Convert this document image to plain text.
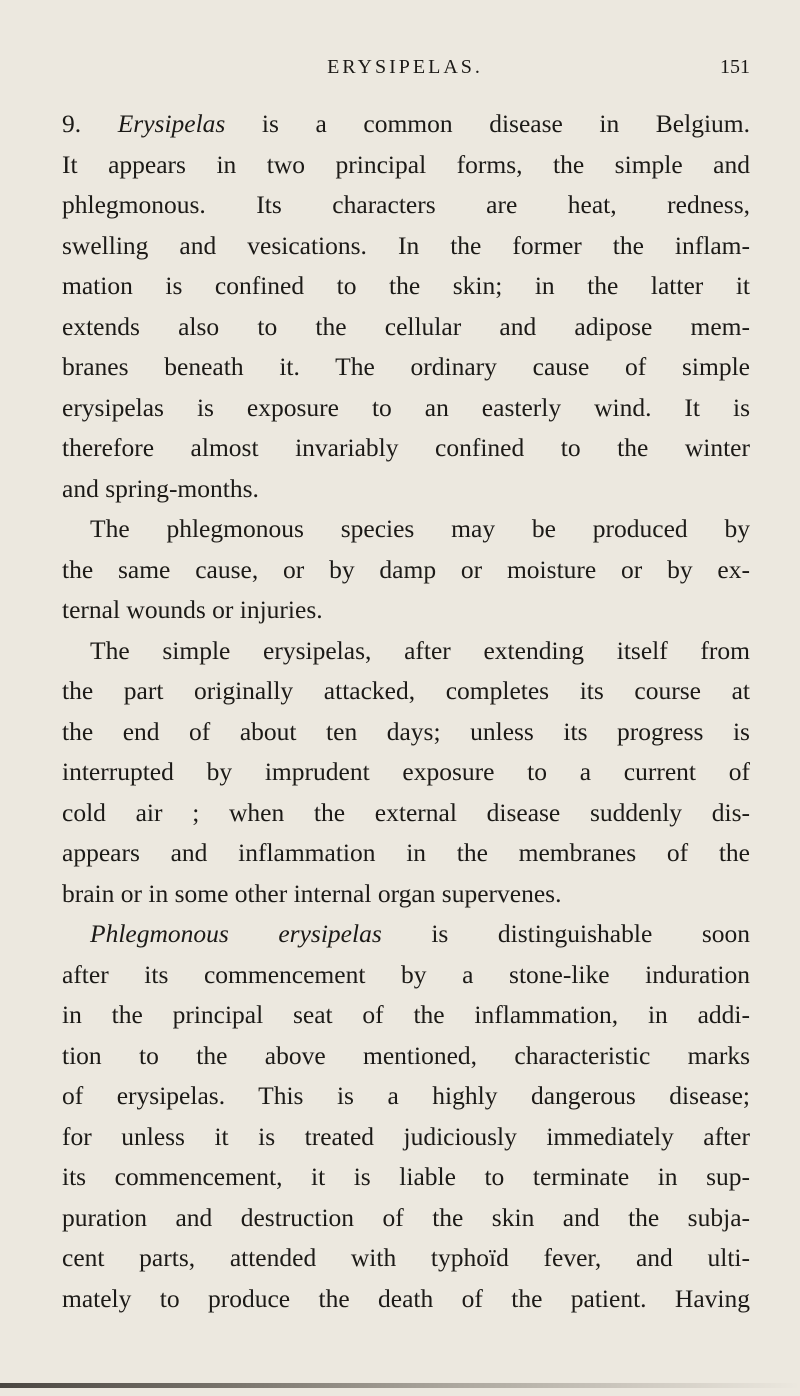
ERYSIPELAS.	151
9. Erysipelas is a common disease in Belgium.
It appears in two principal forms, the simple and
phlegmonous. Its characters are heat, redness,
swelling and vesications. In the former the inflam-
mation is confined to the skin; in the latter it
extends also to the cellular and adipose mem-
branes beneath it. The ordinary cause of simple
erysipelas is exposure to an easterly wind. It is
therefore almost invariably confined to the winter
and spring-months.
The phlegmonous species may be produced by
the same cause, or by damp or moisture or by ex-
ternal wounds or injuries.
The simple erysipelas, after extending itself from
the part originally attacked, completes its course at
the end of about ten days; unless its progress is
interrupted by imprudent exposure to a current of
cold air ; when the external disease suddenly dis-
appears and inflammation in the membranes of the
brain or in some other internal organ supervenes.
Phlegmonous erysipelas is distinguishable soon
after its commencement by a stone-like induration
in the principal seat of the inflammation, in addi-
tion to the above mentioned, characteristic marks
of erysipelas. This is a highly dangerous disease;
for unless it is treated judiciously immediately after
its commencement, it is liable to terminate in sup-
puration and destruction of the skin and the subja-
cent parts, attended with typhoïd fever, and ulti-
mately to produce the death of the patient. Having
